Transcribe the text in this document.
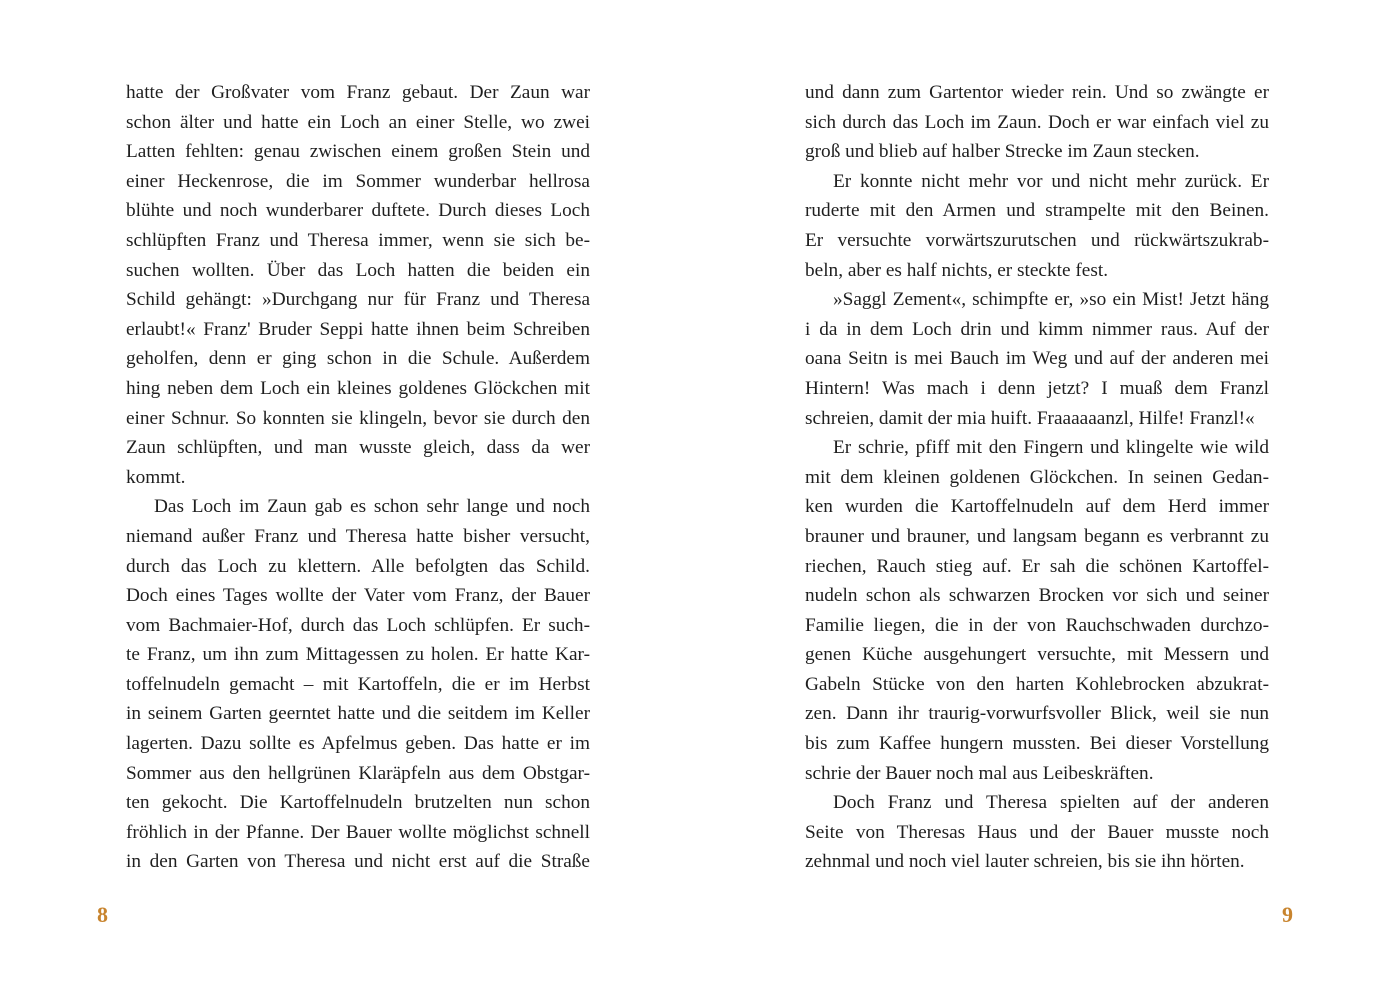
hatte der Großvater vom Franz gebaut. Der Zaun war
schon älter und hatte ein Loch an einer Stelle, wo zwei
Latten fehlten: genau zwischen einem großen Stein und
einer Heckenrose, die im Sommer wunderbar hellrosa
blühte und noch wunderbarer duftete. Durch dieses Loch
schlüpften Franz und Theresa immer, wenn sie sich be-
suchen wollten. Über das Loch hatten die beiden ein
Schild gehängt: »Durchgang nur für Franz und Theresa
erlaubt!« Franz' Bruder Seppi hatte ihnen beim Schreiben
geholfen, denn er ging schon in die Schule. Außerdem
hing neben dem Loch ein kleines goldenes Glöckchen mit
einer Schnur. So konnten sie klingeln, bevor sie durch den
Zaun schlüpften, und man wusste gleich, dass da wer
kommt.
Das Loch im Zaun gab es schon sehr lange und noch
niemand außer Franz und Theresa hatte bisher versucht,
durch das Loch zu klettern. Alle befolgten das Schild.
Doch eines Tages wollte der Vater vom Franz, der Bauer
vom Bachmaier-Hof, durch das Loch schlüpfen. Er such-
te Franz, um ihn zum Mittagessen zu holen. Er hatte Kar-
toffelnudeln gemacht – mit Kartoffeln, die er im Herbst
in seinem Garten geerntet hatte und die seitdem im Keller
lagerten. Dazu sollte es Apfelmus geben. Das hatte er im
Sommer aus den hellgrünen Klaräpfeln aus dem Obstgar-
ten gekocht. Die Kartoffelnudeln brutzelten nun schon
fröhlich in der Pfanne. Der Bauer wollte möglichst schnell
in den Garten von Theresa und nicht erst auf die Straße
8
und dann zum Gartentor wieder rein. Und so zwängte er
sich durch das Loch im Zaun. Doch er war einfach viel zu
groß und blieb auf halber Strecke im Zaun stecken.
Er konnte nicht mehr vor und nicht mehr zurück. Er
ruderte mit den Armen und strampelte mit den Beinen.
Er versuchte vorwärtszurutschen und rückwärtszukrab-
beln, aber es half nichts, er steckte fest.
»Saggl Zement«, schimpfte er, »so ein Mist! Jetzt häng
i da in dem Loch drin und kimm nimmer raus. Auf der
oana Seitn is mei Bauch im Weg und auf der anderen mei
Hintern! Was mach i denn jetzt? I muaß dem Franzl
schreien, damit der mia huift. Fraaaaaanzl, Hilfe! Franzl!«
Er schrie, pfiff mit den Fingern und klingelte wie wild
mit dem kleinen goldenen Glöckchen. In seinen Gedan-
ken wurden die Kartoffelnudeln auf dem Herd immer
brauner und brauner, und langsam begann es verbrannt zu
riechen, Rauch stieg auf. Er sah die schönen Kartoffel-
nudeln schon als schwarzen Brocken vor sich und seiner
Familie liegen, die in der von Rauchschwaden durchzo-
genen Küche ausgehungert versuchte, mit Messern und
Gabeln Stücke von den harten Kohlebrocken abzukrat-
zen. Dann ihr traurig-vorwurfsvoller Blick, weil sie nun
bis zum Kaffee hungern mussten. Bei dieser Vorstellung
schrie der Bauer noch mal aus Leibeskräften.
Doch Franz und Theresa spielten auf der anderen
Seite von Theresas Haus und der Bauer musste noch
zehnmal und noch viel lauter schreien, bis sie ihn hörten.
9
